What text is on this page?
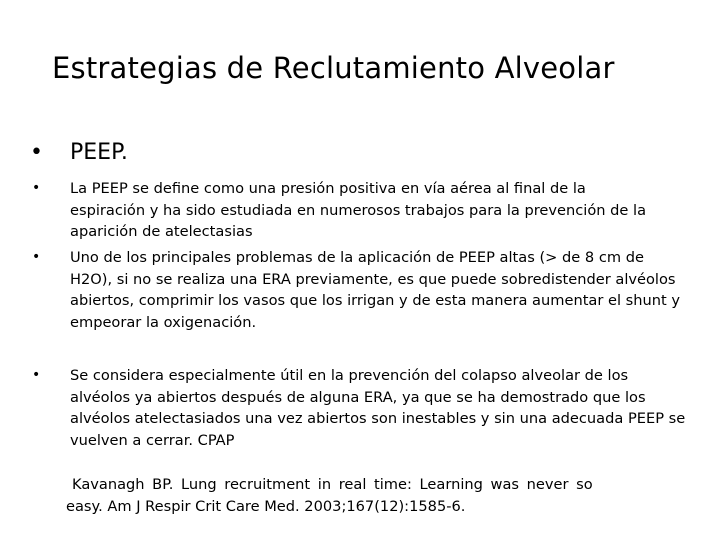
Estrategias de Reclutamiento Alveolar
•	PEEP.
• La PEEP se define como una presión positiva en vía aérea al final de la
espiración y ha sido estudiada en numerosos trabajos para la prevención de la
aparición de atelectasias
• Uno de los principales problemas de la aplicación de PEEP altas (> de 8 cm de
H2O), si no se realiza una ERA previamente, es que puede sobredistender alvéolos
abiertos, comprimir los vasos que los irrigan y de esta manera aumentar el shunt y
empeorar la oxigenación.
• Se considera especialmente útil en la prevención del colapso alveolar de los
alvéolos ya abiertos después de alguna ERA, ya que se ha demostrado que los
alvéolos atelectasiados una vez abiertos son inestables y sin una adecuada PEEP se
vuelven a cerrar. CPAP
Kavanagh BP. Lung recruitment in real time: Learning was never so
easy. Am J Respir Crit Care Med. 2003;167(12):1585-6.
